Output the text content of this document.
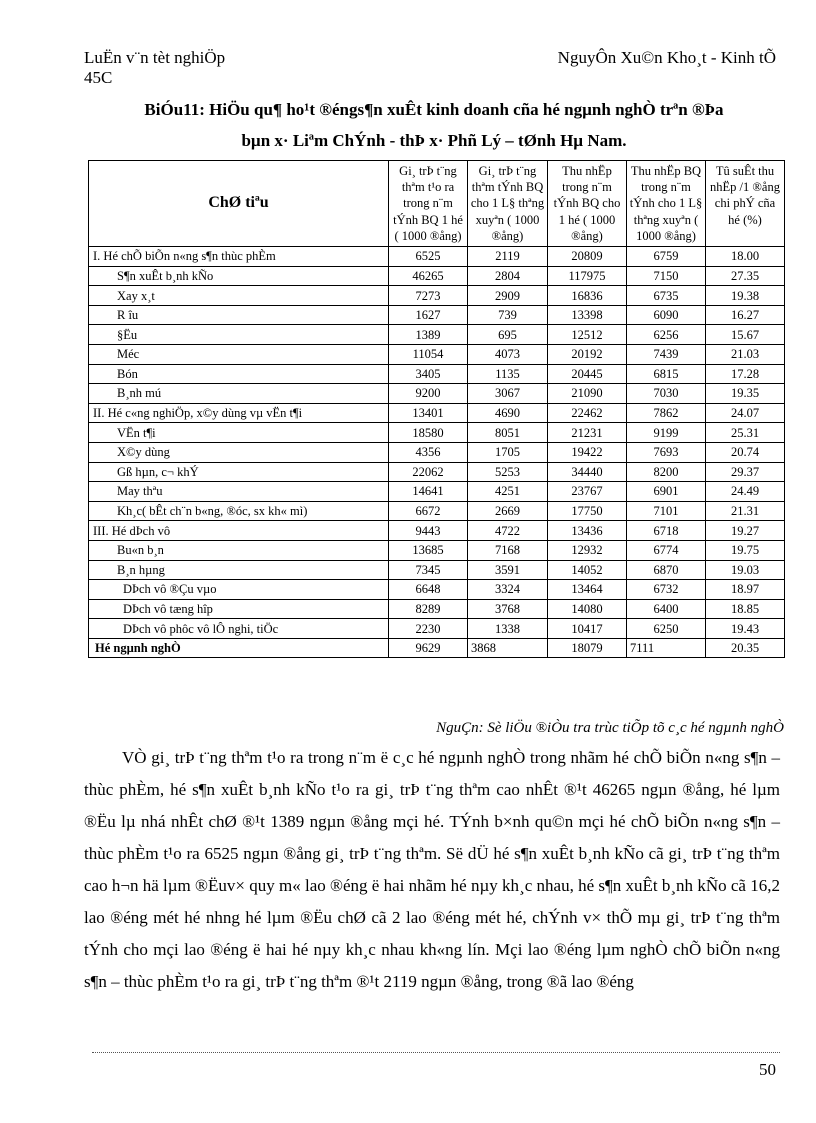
LuËn v¨n tèt nghiÖp
45C
NguyÔn Xu©n Kho¸t - Kinh tÕ
BiÓu11: HiÖu qu¶ ho¹t ®éngs¶n xuÊt kinh doanh cña hé ngµnh nghÒ trªn ®Þa
bµn x· Liªm ChÝnh - thÞ x· Phñ Lý – tØnh Hµ Nam.
ChØ tiªu	Gi¸ trÞ t¨ng thªm t¹o ra trong n¨m tÝnh BQ 1 hé ( 1000 ®ång)	Gi¸ trÞ t¨ng thªm tÝnh BQ cho 1 L§ thªng xuyªn ( 1000 ®ång)	Thu nhËp trong n¨m tÝnh BQ cho 1 hé ( 1000 ®ång)	Thu nhËp BQ trong n¨m tÝnh cho 1 L§ thªng xuyªn ( 1000 ®ång)	Tû suÊt thu nhËp /1 ®ång chi phÝ cña hé (%)
I. Hé chÕ biÕn n«ng s¶n thùc phÈm	6525	2119	20809	6759	18.00
S¶n xuÊt b¸nh kÑo	46265	2804	117975	7150	27.35
Xay x¸t	7273	2909	16836	6735	19.38
R îu	1627	739	13398	6090	16.27
§Ëu	1389	695	12512	6256	15.67
Méc	11054	4073	20192	7439	21.03
Bón	3405	1135	20445	6815	17.28
B¸nh mú	9200	3067	21090	7030	19.35
II. Hé c«ng nghiÖp, x©y dùng vµ vËn t¶i	13401	4690	22462	7862	24.07
VËn t¶i	18580	8051	21231	9199	25.31
X©y dùng	4356	1705	19422	7693	20.74
Gß hµn, c¬ khÝ	22062	5253	34440	8200	29.37
May thªu	14641	4251	23767	6901	24.49
Kh¸c( bÊt ch¨n b«ng, ®óc, sx kh« mì)	6672	2669	17750	7101	21.31
III. Hé dÞch vô	9443	4722	13436	6718	19.27
Bu«n b¸n	13685	7168	12932	6774	19.75
B¸n hµng	7345	3591	14052	6870	19.03
DÞch vô ®Çu vµo	6648	3324	13464	6732	18.97
DÞch vô tæng hîp	8289	3768	14080	6400	18.85
DÞch vô phôc vô lÔ nghi, tiÖc	2230	1338	10417	6250	19.43
Hé ngµnh nghÒ	9629	3868	18079	7111	20.35
NguÇn: Sè liÖu ®iÒu tra trùc tiÕp tõ c¸c hé ngµnh nghÒ

VÒ gi¸ trÞ t¨ng thªm t¹o ra trong n¨m ë c¸c hé ngµnh nghÒ trong nhãm hé chÕ biÕn n«ng s¶n – thùc phÈm, hé s¶n xuÊt b¸nh kÑo t¹o ra gi¸ trÞ t¨ng thªm cao nhÊt ®¹t 46265 ngµn ®ång, hé lµm ®Ëu lµ nhá nhÊt chØ ®¹t 1389 ngµn ®ång mçi hé. TÝnh b×nh qu©n mçi hé chÕ biÕn n«ng s¶n – thùc phÈm t¹o ra 6525 ngµn ®ång gi¸ trÞ t¨ng thªm. Së dÜ hé s¶n xuÊt b¸nh kÑo cã gi¸ trÞ t¨ng thªm cao h¬n hä lµm ®Ëuv× quy m« lao ®éng ë hai nhãm hé nµy kh¸c nhau, hé s¶n xuÊt b¸nh kÑo cã 16,2 lao ®éng mét hé nhng hé lµm ®Ëu chØ cã 2 lao ®éng mét hé, chÝnh v× thÕ mµ gi¸ trÞ t¨ng thªm tÝnh cho mçi lao ®éng ë hai hé nµy kh¸c nhau kh«ng lín. Mçi lao ®éng lµm nghÒ chÕ biÕn n«ng s¶n – thùc phÈm t¹o ra gi¸ trÞ t¨ng thªm ®¹t 2119 ngµn ®ång, trong ®ã lao ®éng

50
